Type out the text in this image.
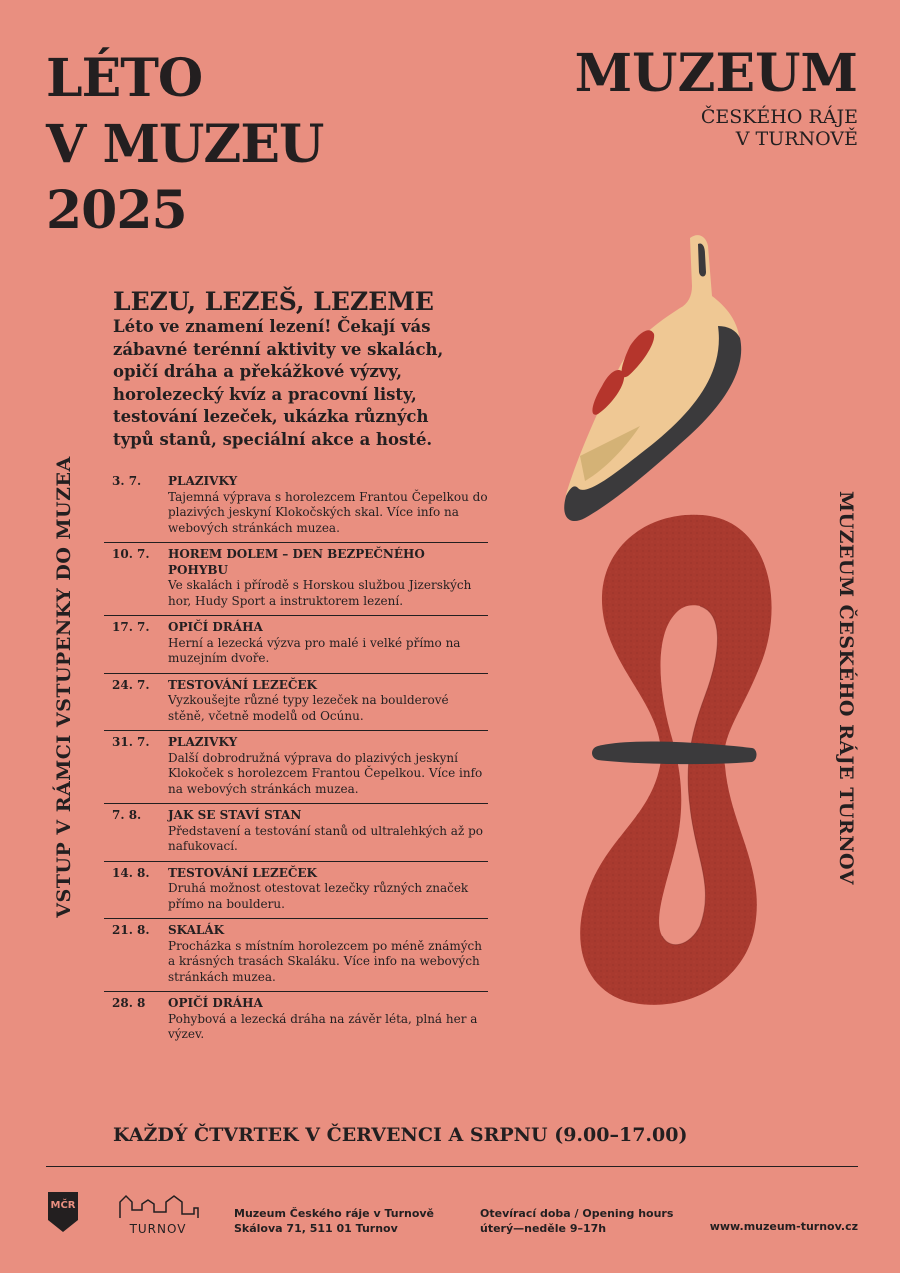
LÉTO
V MUZEU
2025
MUZEUM
ČESKÉHO RÁJE
V TURNOVĚ
VSTUP V RÁMCI VSTUPENKY DO MUZEA	MUZEUM ČESKÉHO RÁJE TURNOV
LEZU, LEZEŠ, LEZEME

Léto ve znamení lezení! Čekají vás zábavné terénní aktivity ve skalách, opičí dráha a překážkové výzvy, horolezecký kvíz a pracovní listy, testování lezeček, ukázka různých typů stanů, speciální akce a hosté.

3. 7.	PLAZIVKY
Tajemná výprava s horolezcem Frantou Čepelkou do plazivých jeskyní Klokočských skal. Více info na webových stránkách muzea.
10. 7.	HOREM DOLEM – DEN BEZPEČNÉHO POHYBU
Ve skalách i přírodě s Horskou službou Jizerských hor, Hudy Sport a instruktorem lezení.
17. 7.	OPIČÍ DRÁHA
Herní a lezecká výzva pro malé i velké přímo na muzejním dvoře.
24. 7.	TESTOVÁNÍ LEZEČEK
Vyzkoušejte různé typy lezeček na boulderové stěně, včetně modelů od Ocúnu.
31. 7.	PLAZIVKY
Další dobrodružná výprava do plazivých jeskyní Klokoček s horolezcem Frantou Čepelkou. Více info na webových stránkách muzea.
7. 8.	JAK SE STAVÍ STAN
Představení a testování stanů od ultralehkých až po nafukovací.
14. 8.	TESTOVÁNÍ LEZEČEK
Druhá možnost otestovat lezečky různých značek přímo na boulderu.
21. 8.	SKALÁK
Procházka s místním horolezcem po méně známých a krásných trasách Skaláku. Více info na webových stránkách muzea.
28. 8	OPIČÍ DRÁHA
Pohybová a lezecká dráha na závěr léta, plná her a výzev.
KAŽDÝ ČTVRTEK V ČERVENCI A SRPNU (9.00–17.00)
MČR
TURNOV
Muzeum Českého ráje v Turnově
Skálova 71, 511 01 Turnov
Otevírací doba / Opening hours
úterý—neděle 9–17h	www.muzeum-turnov.cz
